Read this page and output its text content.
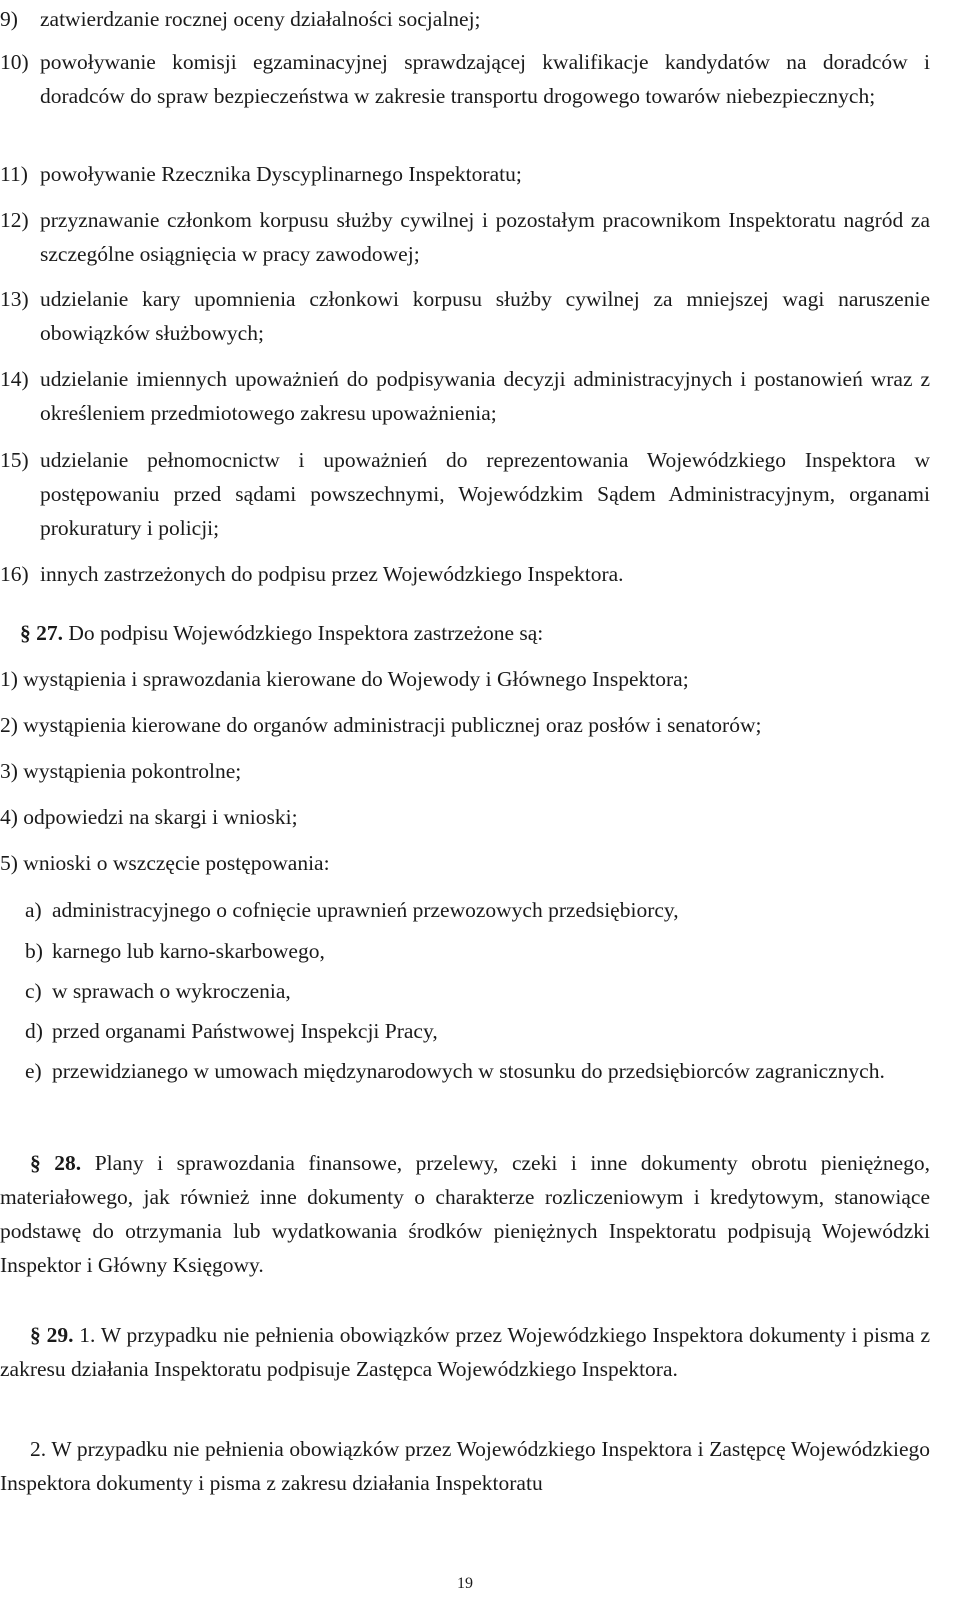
9) zatwierdzanie rocznej oceny działalności socjalnej;
10) powoływanie komisji egzaminacyjnej sprawdzającej kwalifikacje kandydatów na doradców i doradców do spraw bezpieczeństwa w zakresie transportu drogowego towarów niebezpiecznych;
11) powoływanie Rzecznika Dyscyplinarnego Inspektoratu;
12) przyznawanie członkom korpusu służby cywilnej i pozostałym pracownikom Inspektoratu nagród za szczególne osiągnięcia w pracy zawodowej;
13) udzielanie kary upomnienia członkowi korpusu służby cywilnej za mniejszej wagi naruszenie obowiązków służbowych;
14) udzielanie imiennych upoważnień do podpisywania decyzji administracyjnych i postanowień wraz z określeniem przedmiotowego zakresu upoważnienia;
15) udzielanie pełnomocnictw i upoważnień do reprezentowania Wojewódzkiego Inspektora w postępowaniu przed sądami powszechnymi, Wojewódzkim Sądem Administracyjnym, organami prokuratury i policji;
16) innych zastrzeżonych do podpisu przez Wojewódzkiego Inspektora.
§ 27. Do podpisu Wojewódzkiego Inspektora zastrzeżone są:
1) wystąpienia i sprawozdania kierowane do Wojewody i Głównego Inspektora;
2) wystąpienia kierowane do organów administracji publicznej oraz posłów i senatorów;
3) wystąpienia pokontrolne;
4) odpowiedzi na skargi i wnioski;
5) wnioski o wszczęcie postępowania:
a) administracyjnego o cofnięcie uprawnień przewozowych przedsiębiorcy,
b) karnego lub karno-skarbowego,
c) w sprawach o wykroczenia,
d) przed organami Państwowej Inspekcji Pracy,
e) przewidzianego w umowach międzynarodowych w stosunku do przedsiębiorców zagranicznych.
§ 28. Plany i sprawozdania finansowe, przelewy, czeki i inne dokumenty obrotu pieniężnego, materiałowego, jak również inne dokumenty o charakterze rozliczeniowym i kredytowym, stanowiące podstawę do otrzymania lub wydatkowania środków pieniężnych Inspektoratu podpisują Wojewódzki Inspektor i Główny Księgowy.
§ 29. 1. W przypadku nie pełnienia obowiązków przez Wojewódzkiego Inspektora dokumenty i pisma z zakresu działania Inspektoratu podpisuje Zastępca Wojewódzkiego Inspektora.
2. W przypadku nie pełnienia obowiązków przez Wojewódzkiego Inspektora i Zastępcę Wojewódzkiego Inspektora dokumenty i pisma z zakresu działania Inspektoratu
19
